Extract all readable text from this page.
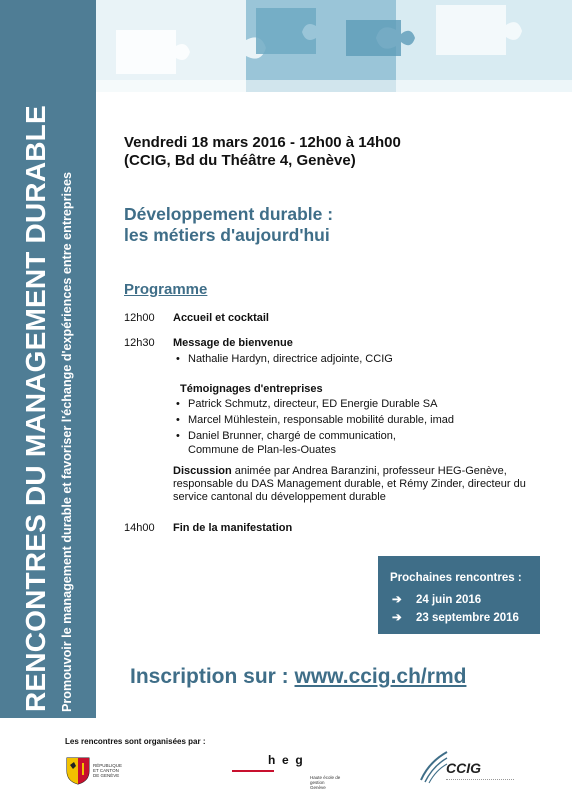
RENCONTRES DU MANAGEMENT DURABLE Promouvoir le management durable et favoriser l'échange d'expériences entre entreprises
Vendredi 18 mars 2016 - 12h00 à 14h00
(CCIG, Bd du Théâtre 4, Genève)
Développement durable :
les métiers d'aujourd'hui
Programme
12h00	Accueil et cocktail
12h30	Message de bienvenue
• Nathalie Hardyn, directrice adjointe, CCIG
Témoignages d'entreprises
• Patrick Schmutz, directeur, ED Energie Durable SA
• Marcel Mühlestein, responsable mobilité durable, imad
• Daniel Brunner, chargé de communication,
Commune de Plan-les-Ouates
Discussion animée par Andrea Baranzini, professeur HEG-Genève, responsable du DAS Management durable, et Rémy Zinder, directeur du service cantonal du développement durable
14h00	Fin de la manifestation
Prochaines rencontres :
➔ 24 juin 2016
➔ 23 septembre 2016
Inscription sur : www.ccig.ch/rmd
Les rencontres sont organisées par :
RÉPUBLIQUE
ET CANTON
DE GENÈVE
h  e  g
Haute école de gestion
Genève
CCIG
